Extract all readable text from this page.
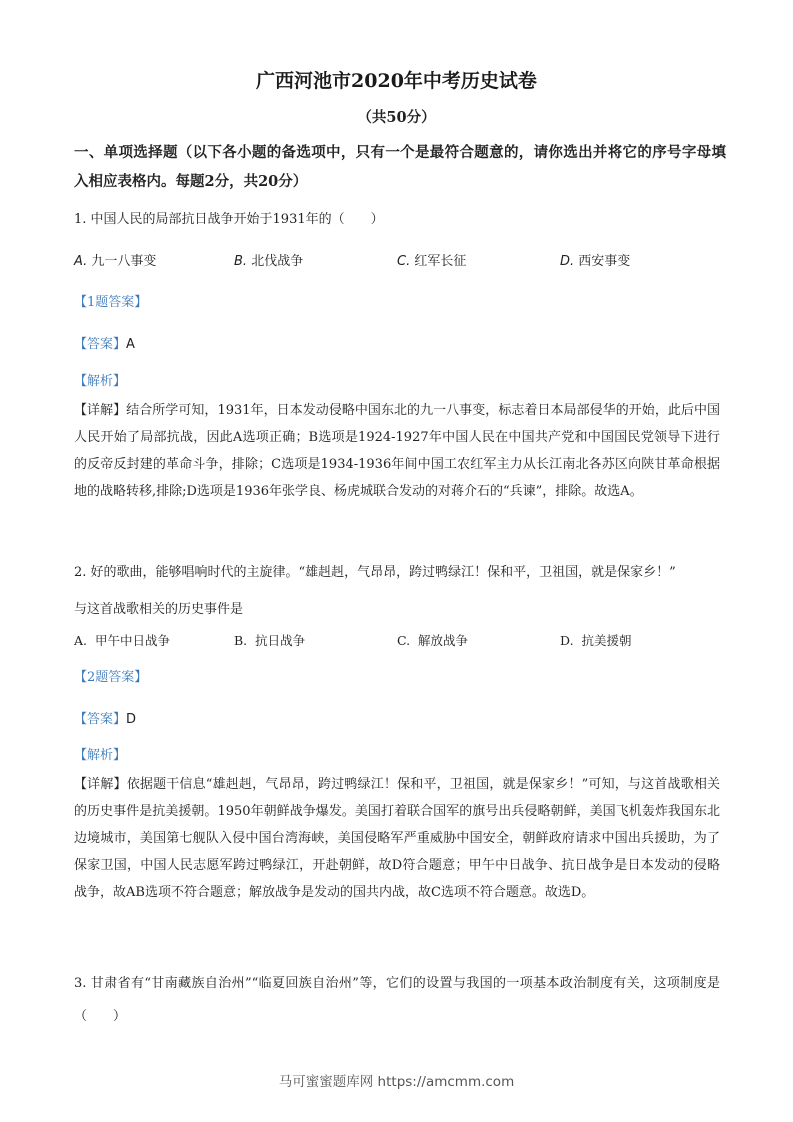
广西河池市2020年中考历史试卷
（共50分）
一、单项选择题（以下各小题的备选项中，只有一个是最符合题意的，请你选出并将它的序号字母填入相应表格内。每题2分，共20分）
1. 中国人民的局部抗日战争开始于1931年的（　　）
A. 九一八事变	B. 北伐战争	C. 红军长征	D. 西安事变
【1题答案】
【答案】A
【解析】
【详解】结合所学可知，1931年，日本发动侵略中国东北的九一八事变，标志着日本局部侵华的开始，此后中国人民开始了局部抗战，因此A选项正确；B选项是1924-1927年中国人民在中国共产党和中国国民党领导下进行的反帝反封建的革命斗争，排除；C选项是1934-1936年间中国工农红军主力从长江南北各苏区向陕甘革命根据地的战略转移,排除;D选项是1936年张学良、杨虎城联合发动的对蒋介石的“兵谏”，排除。故选A。
2. 好的歌曲，能够唱响时代的主旋律。“雄赳赳，气昂昂，跨过鸭绿江！保和平，卫祖国，就是保家乡！”
与这首战歌相关的历史事件是
A. 甲午中日战争	B. 抗日战争	C. 解放战争	D. 抗美援朝
【2题答案】
【答案】D
【解析】
【详解】依据题干信息“雄赳赳，气昂昂，跨过鸭绿江！保和平，卫祖国，就是保家乡！”可知，与这首战歌相关的历史事件是抗美援朝。1950年朝鲜战争爆发。美国打着联合国军的旗号出兵侵略朝鲜，美国飞机轰炸我国东北边境城市，美国第七舰队入侵中国台湾海峡，美国侵略军严重威胁中国安全，朝鲜政府请求中国出兵援助，为了保家卫国，中国人民志愿军跨过鸭绿江，开赴朝鲜，故D符合题意；甲午中日战争、抗日战争是日本发动的侵略战争，故AB选项不符合题意；解放战争是发动的国共内战，故C选项不符合题意。故选D。
3. 甘肃省有“甘南藏族自治州”“临夏回族自治州”等，它们的设置与我国的一项基本政治制度有关，这项制度是（　　）
马可蜜蜜题库网 https://amcmm.com
